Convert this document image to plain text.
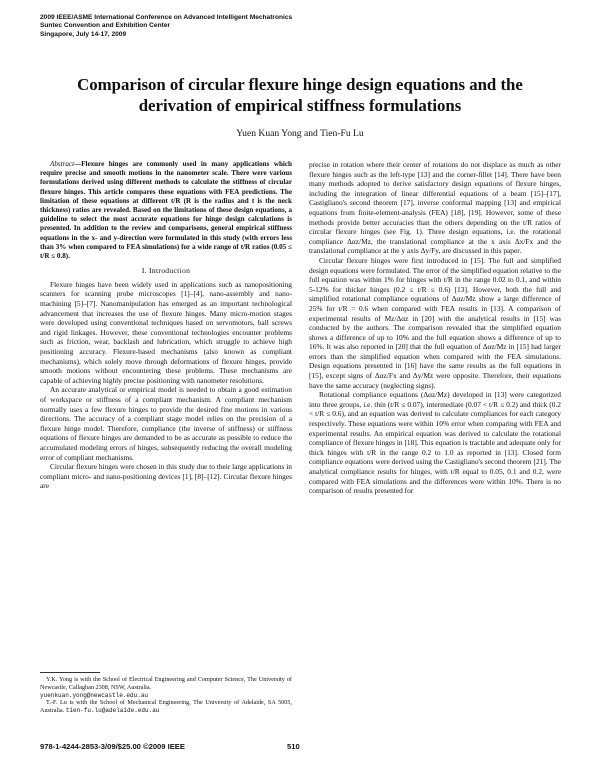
2009 IEEE/ASME International Conference on Advanced Intelligent Mechatronics
Suntec Convention and Exhibition Center
Singapore, July 14-17, 2009
Comparison of circular flexure hinge design equations and the
derivation of empirical stiffness formulations
Yuen Kuan Yong and Tien-Fu Lu

Abstract—Flexure hinges are commonly used in many applications which require precise and smooth motions in the nanometer scale. There were various formulations derived using different methods to calculate the stiffness of circular flexure hinges. This article compares these equations with FEA predictions. The limitation of these equations at different t/R (R is the radius and t is the neck thickness) ratios are revealed. Based on the limitations of these design equations, a guideline to select the most accurate equations for hinge design calculations is presented. In addition to the review and comparisons, general empirical stiffness equations in the x- and y-direction were formulated in this study (with errors less than 3% when compared to FEA simulations) for a wide range of t/R ratios (0.05 ≤ t/R ≤ 0.8).

I. Introduction

Flexure hinges have been widely used in applications such as nanopositioning scanners for scanning probe microscopes [1]–[4], nano-assembly and nano-machining [5]–[7]. Nanomanipulation has emerged as an important technological advancement that increases the use of flexure hinges. Many micro-motion stages were developed using conventional techniques based on servomotors, ball screws and rigid linkages. However, these conventional technologies encounter problems such as friction, wear, backlash and lubrication, which struggle to achieve high positioning accuracy. Flexure-based mechanisms (also known as compliant mechanisms), which solely move through deformations of flexure hinges, provide smooth motions without encountering these problems. These mechanisms are capable of achieving highly precise positioning with nanometer resolutions.

An accurate analytical or empirical model is needed to obtain a good estimation of workspace or stiffness of a compliant mechanism. A compliant mechanism normally uses a few flexure hinges to provide the desired fine motions in various directions. The accuracy of a compliant stage model relies on the precision of a flexure hinge model. Therefore, compliance (the inverse of stiffness) or stiffness equations of flexure hinges are demanded to be as accurate as possible to reduce the accumulated modeling errors of hinges, subsequently reducing the overall modeling error of compliant mechanisms.

Circular flexure hinges were chosen in this study due to their large applications in compliant micro- and nano-positioning devices [1], [8]–[12]. Circular flexure hinges are

Y.K. Yong is with the School of Electrical Engineering and Computer Science, The University of Newcastle, Callaghan 2308, NSW, Australia.

yuenkuan.yong@newcastle.edu.au

T.-F. Lu is with the School of Mechanical Engineering, The University of Adelaide, SA 5005, Australia. tien-fu.lu@adelaide.edu.au

precise in rotation where their center of rotations do not displace as much as other flexure hinges such as the left-type [13] and the corner-fillet [14]. There have been many methods adopted to derive satisfactory design equations of flexure hinges, including the integration of linear differential equations of a beam [15]–[17], Castigliano's second theorem [17], inverse conformal mapping [13] and empirical equations from finite-element-analysis (FEA) [18], [19]. However, some of these methods provide better accuracies than the others depending on the t/R ratios of circular flexure hinges (see Fig. 1). Three design equations, i.e. the rotational compliance Δαz/Mz, the translational compliance at the x axis Δx/Fx and the translational compliance at the y axis Δy/Fy, are discussed in this paper.

Circular flexure hinges were first introduced in [15]. The full and simplified design equations were formulated. The error of the simplified equation relative to the full equation was within 1% for hinges with t/R in the range 0.02 to 0.1, and within 5-12% for thicker hinges (0.2 ≤ t/R ≤ 0.6) [13]. However, both the full and simplified rotational compliance equations of Δαz/Mz show a large difference of 25% for t/R = 0.6 when compared with FEA results in [13]. A comparison of experimental results of Mz/Δαz in [20] with the analytical results in [15] was conducted by the authors. The comparison revealed that the simplified equation shows a difference of up to 10% and the full equation shows a difference of up to 16%. It was also reported in [20] that the full equation of Δαz/Mz in [15] had larger errors than the simplified equation when compared with the FEA simulations. Design equations presented in [16] have the same results as the full equations in [15], except signs of Δαz/Fx and Δy/Mz were opposite. Therefore, their equations have the same accuracy (neglecting signs).

Rotational compliance equations (Δαz/Mz) developed in [13] were categorized into three groups, i.e. thin (t/R ≤ 0.07), intermediate (0.07 < t/R ≤ 0.2) and thick (0.2 < t/R ≤ 0.6), and an equation was derived to calculate compliances for each category respectively. These equations were within 10% error when comparing with FEA and experimental results. An empirical equation was derived to calculate the rotational compliance of flexure hinges in [18]. This equation is tractable and adequate only for thick hinges with t/R in the range 0.2 to 1.0 as reported in [13]. Closed form compliance equations were derived using the Castigliano's second theorem [21]. The analytical compliance results for hinges, with t/R equal to 0.05, 0.1 and 0.2, were compared with FEA simulations and the differences were within 10%. There is no comparison of results presented for

978-1-4244-2853-3/09/$25.00 ©2009 IEEE	510
